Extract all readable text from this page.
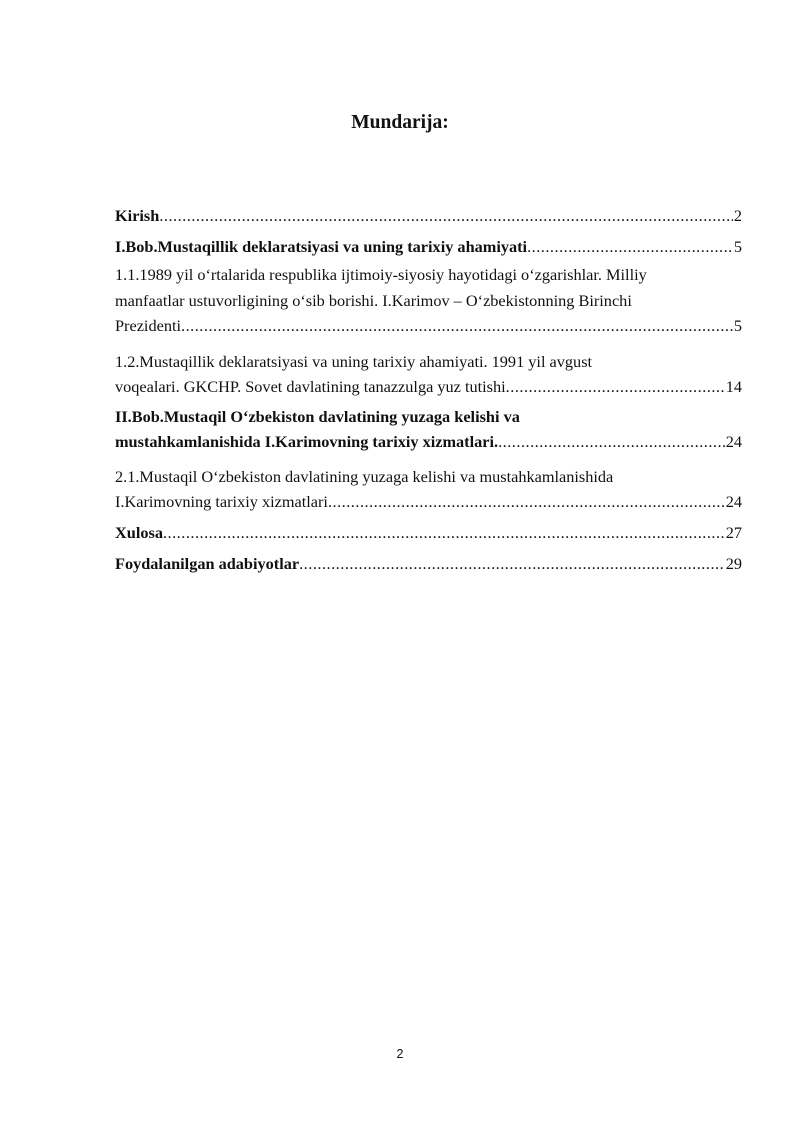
Mundarija:
Kirish .....	2
I.Bob.Mustaqillik deklaratsiyasi va uning tarixiy ahamiyati .....	5
1.1.1989 yil o‘rtalarida respublika ijtimoiy-siyosiy hayotidagi o‘zgarishlar. Milliy
manfaatlar ustuvorligining o‘sib borishi. I.Karimov – O‘zbekistonning Birinchi
Prezidenti .....	5
1.2.Mustaqillik deklaratsiyasi va uning tarixiy ahamiyati. 1991 yil avgust
voqealari. GKCHP. Sovet davlatining tanazzulga yuz tutishi .....	14
II.Bob.Mustaqil O‘zbekiston davlatining yuzaga kelishi va
mustahkamlanishida I.Karimovning tarixiy xizmatlari. .....	24
2.1.Mustaqil O‘zbekiston davlatining yuzaga kelishi va mustahkamlanishida
I.Karimovning tarixiy xizmatlari .....	24
Xulosa .....	27
Foydalanilgan adabiyotlar .....	29
2
